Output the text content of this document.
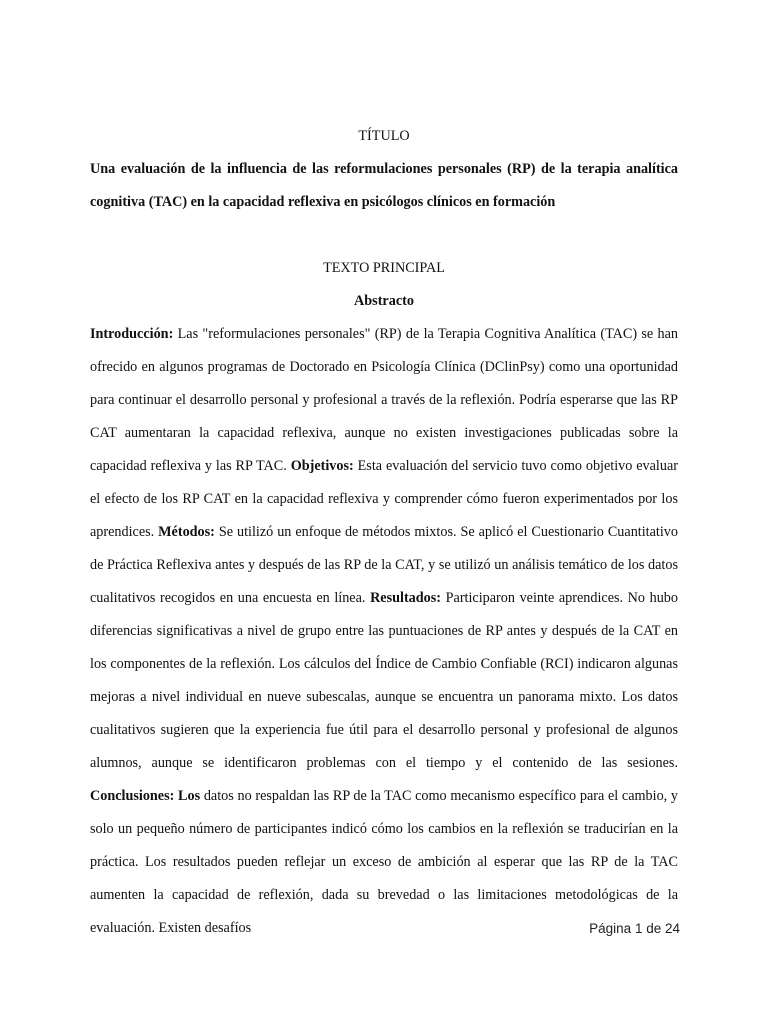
TÍTULO

Una evaluación de la influencia de las reformulaciones personales (RP) de la terapia analítica cognitiva (TAC) en la capacidad reflexiva en psicólogos clínicos en formación

TEXTO PRINCIPAL

Abstracto

Introducción: Las "reformulaciones personales" (RP) de la Terapia Cognitiva Analítica (TAC) se han ofrecido en algunos programas de Doctorado en Psicología Clínica (DClinPsy) como una oportunidad para continuar el desarrollo personal y profesional a través de la reflexión. Podría esperarse que las RP CAT aumentaran la capacidad reflexiva, aunque no existen investigaciones publicadas sobre la capacidad reflexiva y las RP TAC. Objetivos: Esta evaluación del servicio tuvo como objetivo evaluar el efecto de los RP CAT en la capacidad reflexiva y comprender cómo fueron experimentados por los aprendices. Métodos: Se utilizó un enfoque de métodos mixtos. Se aplicó el Cuestionario Cuantitativo de Práctica Reflexiva antes y después de las RP de la CAT, y se utilizó un análisis temático de los datos cualitativos recogidos en una encuesta en línea. Resultados: Participaron veinte aprendices. No hubo diferencias significativas a nivel de grupo entre las puntuaciones de RP antes y después de la CAT en los componentes de la reflexión. Los cálculos del Índice de Cambio Confiable (RCI) indicaron algunas mejoras a nivel individual en nueve subescalas, aunque se encuentra un panorama mixto. Los datos cualitativos sugieren que la experiencia fue útil para el desarrollo personal y profesional de algunos alumnos, aunque se identificaron problemas con el tiempo y el contenido de las sesiones. Conclusiones: Los datos no respaldan las RP de la TAC como mecanismo específico para el cambio, y solo un pequeño número de participantes indicó cómo los cambios en la reflexión se traducirían en la práctica. Los resultados pueden reflejar un exceso de ambición al esperar que las RP de la TAC aumenten la capacidad de reflexión, dada su brevedad o las limitaciones metodológicas de la evaluación. Existen desafíos	Página 1 de 24
